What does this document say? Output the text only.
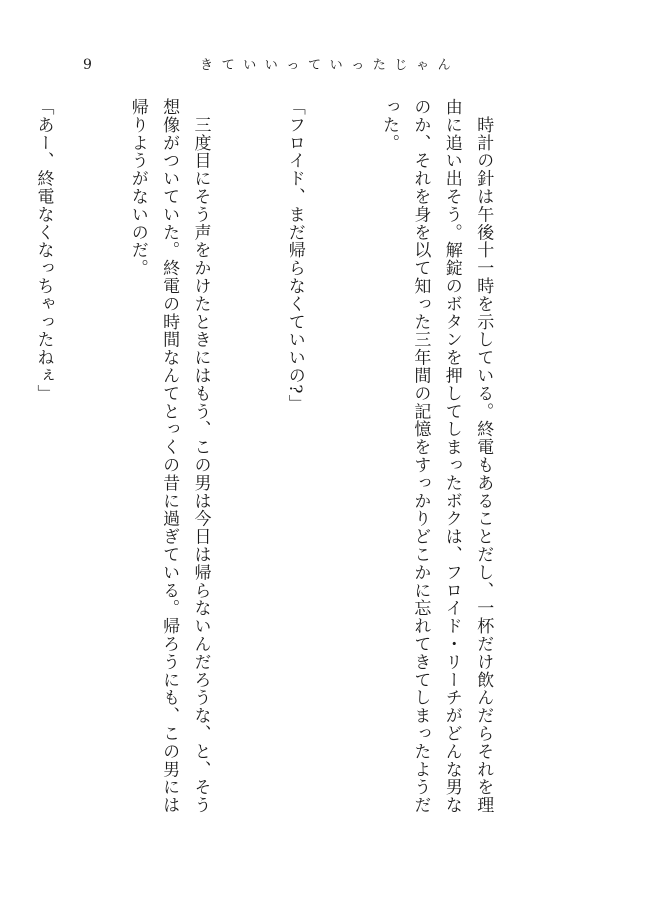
9	きていいっていったじゃん

　時計の針は午後十一時を示している。終電もあることだし、一杯だけ飲んだらそれを理由に追い出そう。解錠のボタンを押してしまったボクは、フロイド・リーチがどんな男なのか、それを身を以て知った三年間の記憶をすっかりどこかに忘れてきてしまったようだった。

「フロイド、まだ帰らなくていいの?」

　三度目にそう声をかけたときにはもう、この男は今日は帰らないんだろうな、と、そう想像がついていた。終電の時間なんてとっくの昔に過ぎている。帰ろうにも、この男には帰りようがないのだ。

「あー、終電なくなっちゃったねぇ」
